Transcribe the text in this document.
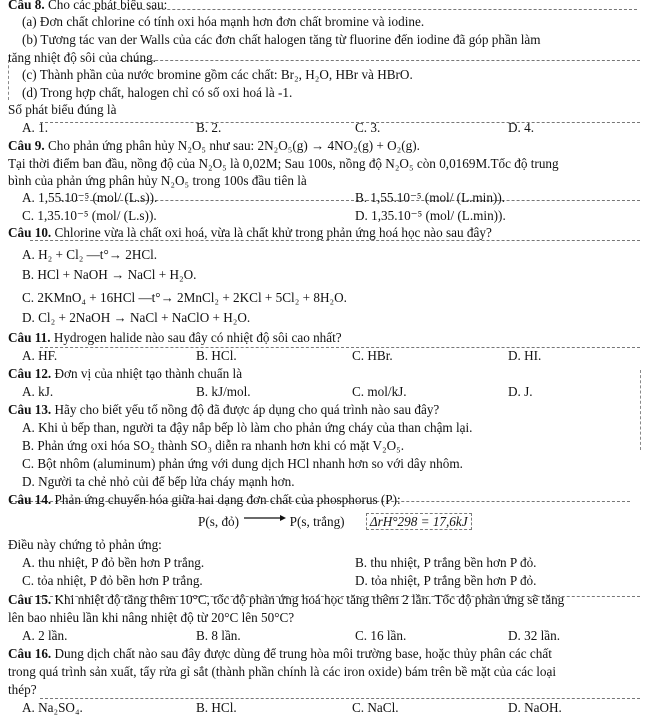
Câu 8. Cho các phát biểu sau:
(a) Đơn chất chlorine có tính oxi hóa mạnh hơn đơn chất bromine và iodine.
(b) Tương tác van der Walls của các đơn chất halogen tăng từ fluorine đến iodine đã góp phần làm
tăng nhiệt độ sôi của chúng.
(c) Thành phần của nước bromine gồm các chất: Br₂, H₂O, HBr và HBrO.
(d) Trong hợp chất, halogen chỉ có số oxi hoá là -1.
Số phát biểu đúng là
A. 1.	B. 2.	C. 3.	D. 4.
Câu 9. Cho phản ứng phân hủy N₂O₅ như sau: 2N₂O₅(g) → 4NO₂(g) + O₂(g).
Tại thời điểm ban đầu, nồng độ của N₂O₅ là 0,02M; Sau 100s, nồng độ N₂O₅ còn 0,0169M.Tốc độ trung
bình của phản ứng phân hủy N₂O₅ trong 100s đầu tiên là
A. 1,55.10⁻⁵ (mol/ (L.s)).	B. 1,55.10⁻⁵ (mol/ (L.min)).
C. 1,35.10⁻⁵ (mol/ (L.s)).	D. 1,35.10⁻⁵ (mol/ (L.min)).
Câu 10. Chlorine vừa là chất oxi hoá, vừa là chất khử trong phản ứng hoá học nào sau đây?
A. H₂ + Cl₂ —t°→ 2HCl.
B. HCl + NaOH → NaCl + H₂O.
C. 2KMnO₄ + 16HCl —t°→ 2MnCl₂ + 2KCl + 5Cl₂ + 8H₂O.
D. Cl₂ + 2NaOH → NaCl + NaClO + H₂O.
Câu 11. Hydrogen halide nào sau đây có nhiệt độ sôi cao nhất?
A. HF.	B. HCl.	C. HBr.	D. HI.
Câu 12. Đơn vị của nhiệt tạo thành chuẩn là
A. kJ.	B. kJ/mol.	C. mol/kJ.	D. J.
Câu 13. Hãy cho biết yếu tố nồng độ đã được áp dụng cho quá trình nào sau đây?
A. Khi ủ bếp than, người ta đậy nắp bếp lò làm cho phản ứng cháy của than chậm lại.
B. Phản ứng oxi hóa SO₂ thành SO₃ diễn ra nhanh hơn khi có mặt V₂O₅.
C. Bột nhôm (aluminum) phản ứng với dung dịch HCl nhanh hơn so với dây nhôm.
D. Người ta chẻ nhỏ củi để bếp lửa cháy mạnh hơn.
Câu 14. Phản ứng chuyển hóa giữa hai dạng đơn chất của phosphorus (P):
P(s, đỏ) → P(s, trắng) ΔrH°298 = 17,6kJ
Điều này chứng tỏ phản ứng:
A. thu nhiệt, P đỏ bền hơn P trắng.	B. thu nhiệt, P trắng bền hơn P đỏ.
C. tỏa nhiệt, P đỏ bền hơn P trắng.	D. tỏa nhiệt, P trắng bền hơn P đỏ.
Câu 15. Khi nhiệt độ tăng thêm 10°C, tốc độ phản ứng hoá học tăng thêm 2 lần. Tốc độ phản ứng sẽ tăng
lên bao nhiêu lần khi nâng nhiệt độ từ 20°C lên 50°C?
A. 2 lần.	B. 8 lần.	C. 16 lần.	D. 32 lần.
Câu 16. Dung dịch chất nào sau đây được dùng để trung hòa môi trường base, hoặc thủy phân các chất
trong quá trình sản xuất, tẩy rửa gỉ sắt (thành phần chính là các iron oxide) bám trên bề mặt của các loại
thép?
A. Na₂SO₄.	B. HCl.	C. NaCl.	D. NaOH.
